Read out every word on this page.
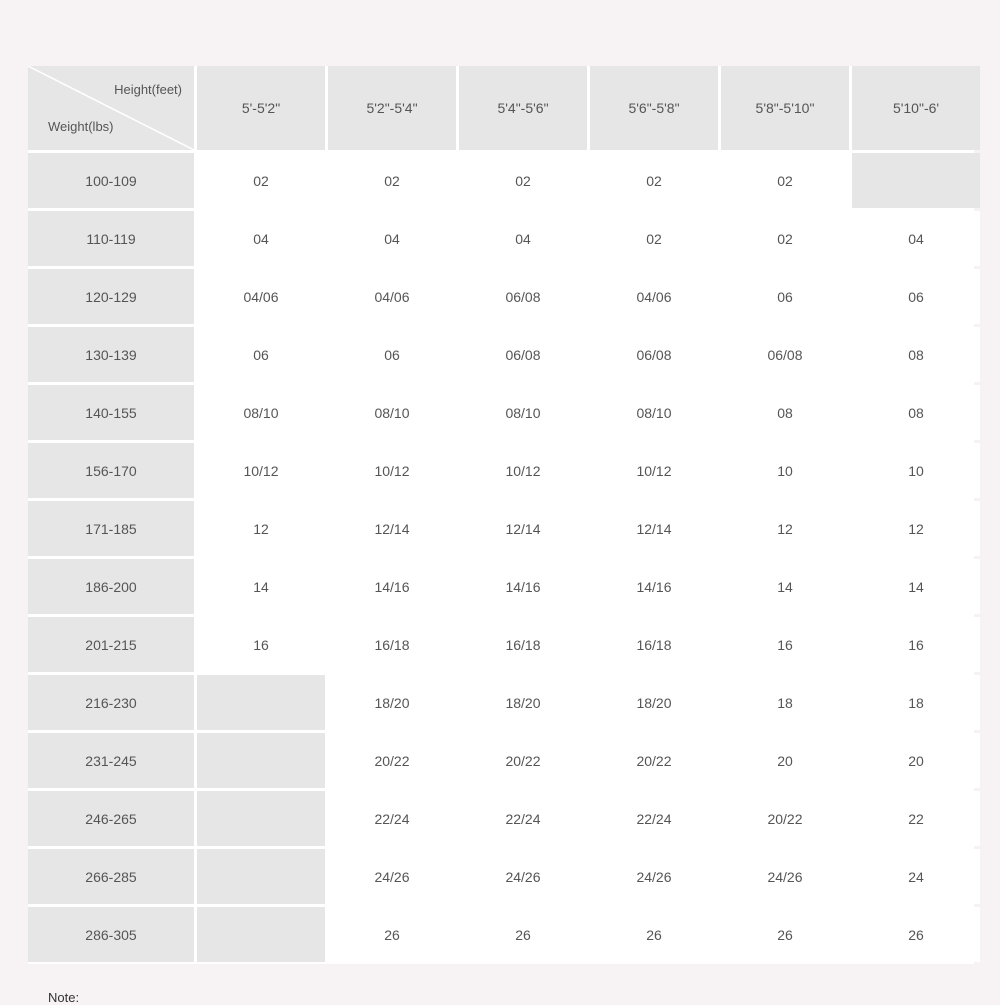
Height(feet)
Weight(lbs)	5'-5'2"	5'2"-5'4"	5'4"-5'6"	5'6"-5'8"	5'8"-5'10"	5'10"-6'
100-109	02	02	02	02	02	
110-119	04	04	04	02	02	04
120-129	04/06	04/06	06/08	04/06	06	06
130-139	06	06	06/08	06/08	06/08	08
140-155	08/10	08/10	08/10	08/10	08	08
156-170	10/12	10/12	10/12	10/12	10	10
171-185	12	12/14	12/14	12/14	12	12
186-200	14	14/16	14/16	14/16	14	14
201-215	16	16/18	16/18	16/18	16	16
216-230		18/20	18/20	18/20	18	18
231-245		20/22	20/22	20/22	20	20
246-265		22/24	22/24	22/24	20/22	22
266-285		24/26	24/26	24/26	24/26	24
286-305		26	26	26	26	26
Note:
